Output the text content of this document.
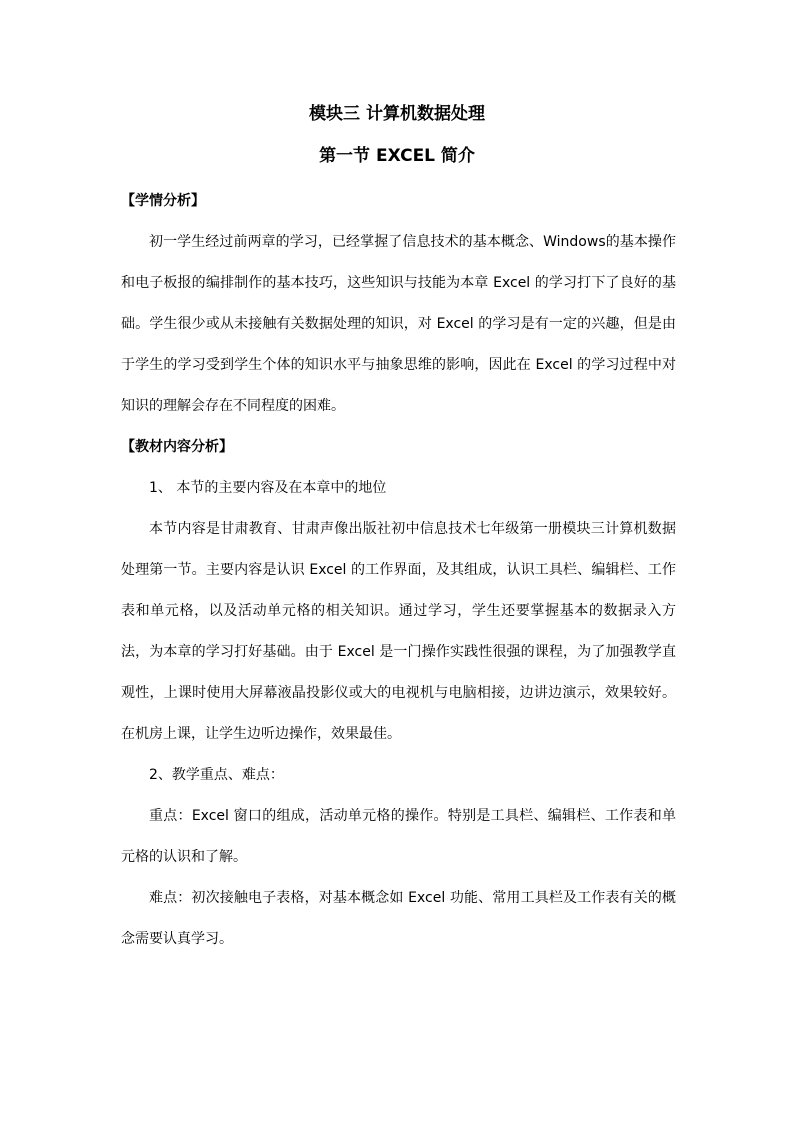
模块三 计算机数据处理
第一节 EXCEL 简介

【学情分析】

初一学生经过前两章的学习，已经掌握了信息技术的基本概念、Windows的基本操作和电子板报的编排制作的基本技巧，这些知识与技能为本章 Excel 的学习打下了良好的基础。学生很少或从未接触有关数据处理的知识，对 Excel 的学习是有一定的兴趣，但是由于学生的学习受到学生个体的知识水平与抽象思维的影响，因此在 Excel 的学习过程中对知识的理解会存在不同程度的困难。

【教材内容分析】

1、 本节的主要内容及在本章中的地位

本节内容是甘肃教育、甘肃声像出版社初中信息技术七年级第一册模块三计算机数据处理第一节。主要内容是认识 Excel 的工作界面，及其组成，认识工具栏、编辑栏、工作表和单元格，以及活动单元格的相关知识。通过学习，学生还要掌握基本的数据录入方法，为本章的学习打好基础。由于 Excel 是一门操作实践性很强的课程，为了加强教学直观性，上课时使用大屏幕液晶投影仪或大的电视机与电脑相接，边讲边演示，效果较好。在机房上课，让学生边听边操作，效果最佳。

2、教学重点、难点：

重点：Excel 窗口的组成，活动单元格的操作。特别是工具栏、编辑栏、工作表和单元格的认识和了解。

难点：初次接触电子表格，对基本概念如 Excel 功能、常用工具栏及工作表有关的概念需要认真学习。
